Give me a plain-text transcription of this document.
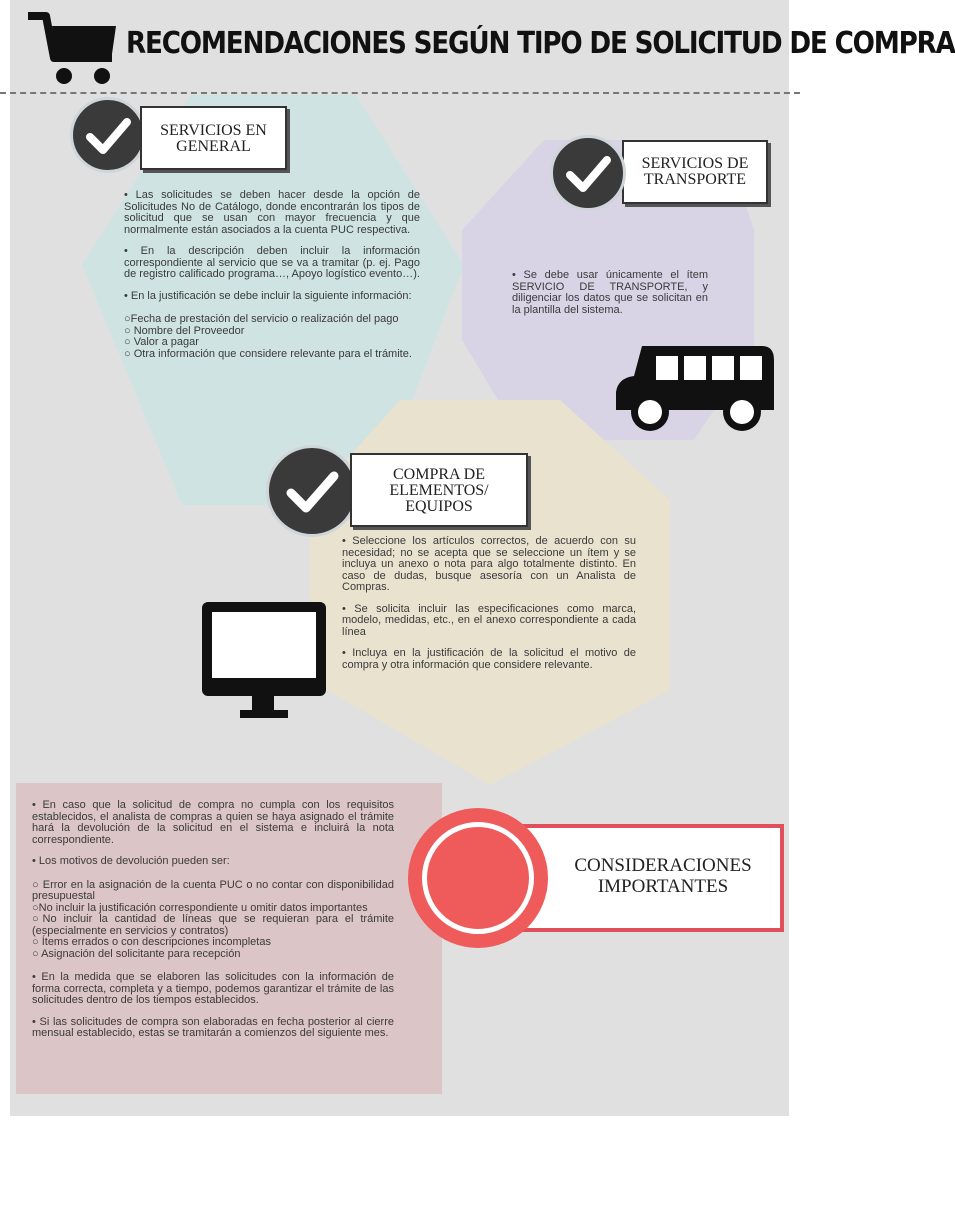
RECOMENDACIONES SEGÚN TIPO DE SOLICITUD DE COMPRA
SERVICIOS EN GENERAL

• Las solicitudes se deben hacer desde la opción de Solicitudes No de Catálogo, donde encontrarán los tipos de solicitud que se usan con mayor frecuencia y que normalmente están asociados a la cuenta PUC respectiva.

• En la descripción deben incluir la información correspondiente al servicio que se va a tramitar (p. ej. Pago de registro calificado programa…, Apoyo logístico evento…).

• En la justificación se debe incluir la siguiente información:

○Fecha de prestación del servicio o realización del pago
○ Nombre del Proveedor
○ Valor a pagar
○ Otra información que considere relevante para el trámite.
SERVICIOS DE TRANSPORTE

• Se debe usar únicamente el ítem SERVICIO DE TRANSPORTE, y diligenciar los datos que se solicitan en la plantilla del sistema.

COMPRA DE ELEMENTOS/ EQUIPOS

• Seleccione los artículos correctos, de acuerdo con su necesidad; no se acepta que se seleccione un ítem y se incluya un anexo o nota para algo totalmente distinto. En caso de dudas, busque asesoría con un Analista de Compras.

• Se solicita incluir las especificaciones como marca, modelo, medidas, etc., en el anexo correspondiente a cada línea

• Incluya en la justificación de la solicitud el motivo de compra y otra información que considere relevante.

• En caso que la solicitud de compra no cumpla con los requisitos establecidos, el analista de compras a quien se haya asignado el trámite hará la devolución de la solicitud en el sistema e incluirá la nota correspondiente.

• Los motivos de devolución pueden ser:

○ Error en la asignación de la cuenta PUC o no contar con disponibilidad presupuestal
○No incluir la justificación correspondiente u omitir datos importantes
○No incluir la cantidad de líneas que se requieran para el trámite (especialmente en servicios y contratos)
○ Ítems errados o con descripciones incompletas
○ Asignación del solicitante para recepción

• En la medida que se elaboren las solicitudes con la información de forma correcta, completa y a tiempo, podemos garantizar el trámite de las solicitudes dentro de los tiempos establecidos.

• Si las solicitudes de compra son elaboradas en fecha posterior al cierre mensual establecido, estas se tramitarán a comienzos del siguiente mes.

CONSIDERACIONES IMPORTANTES
